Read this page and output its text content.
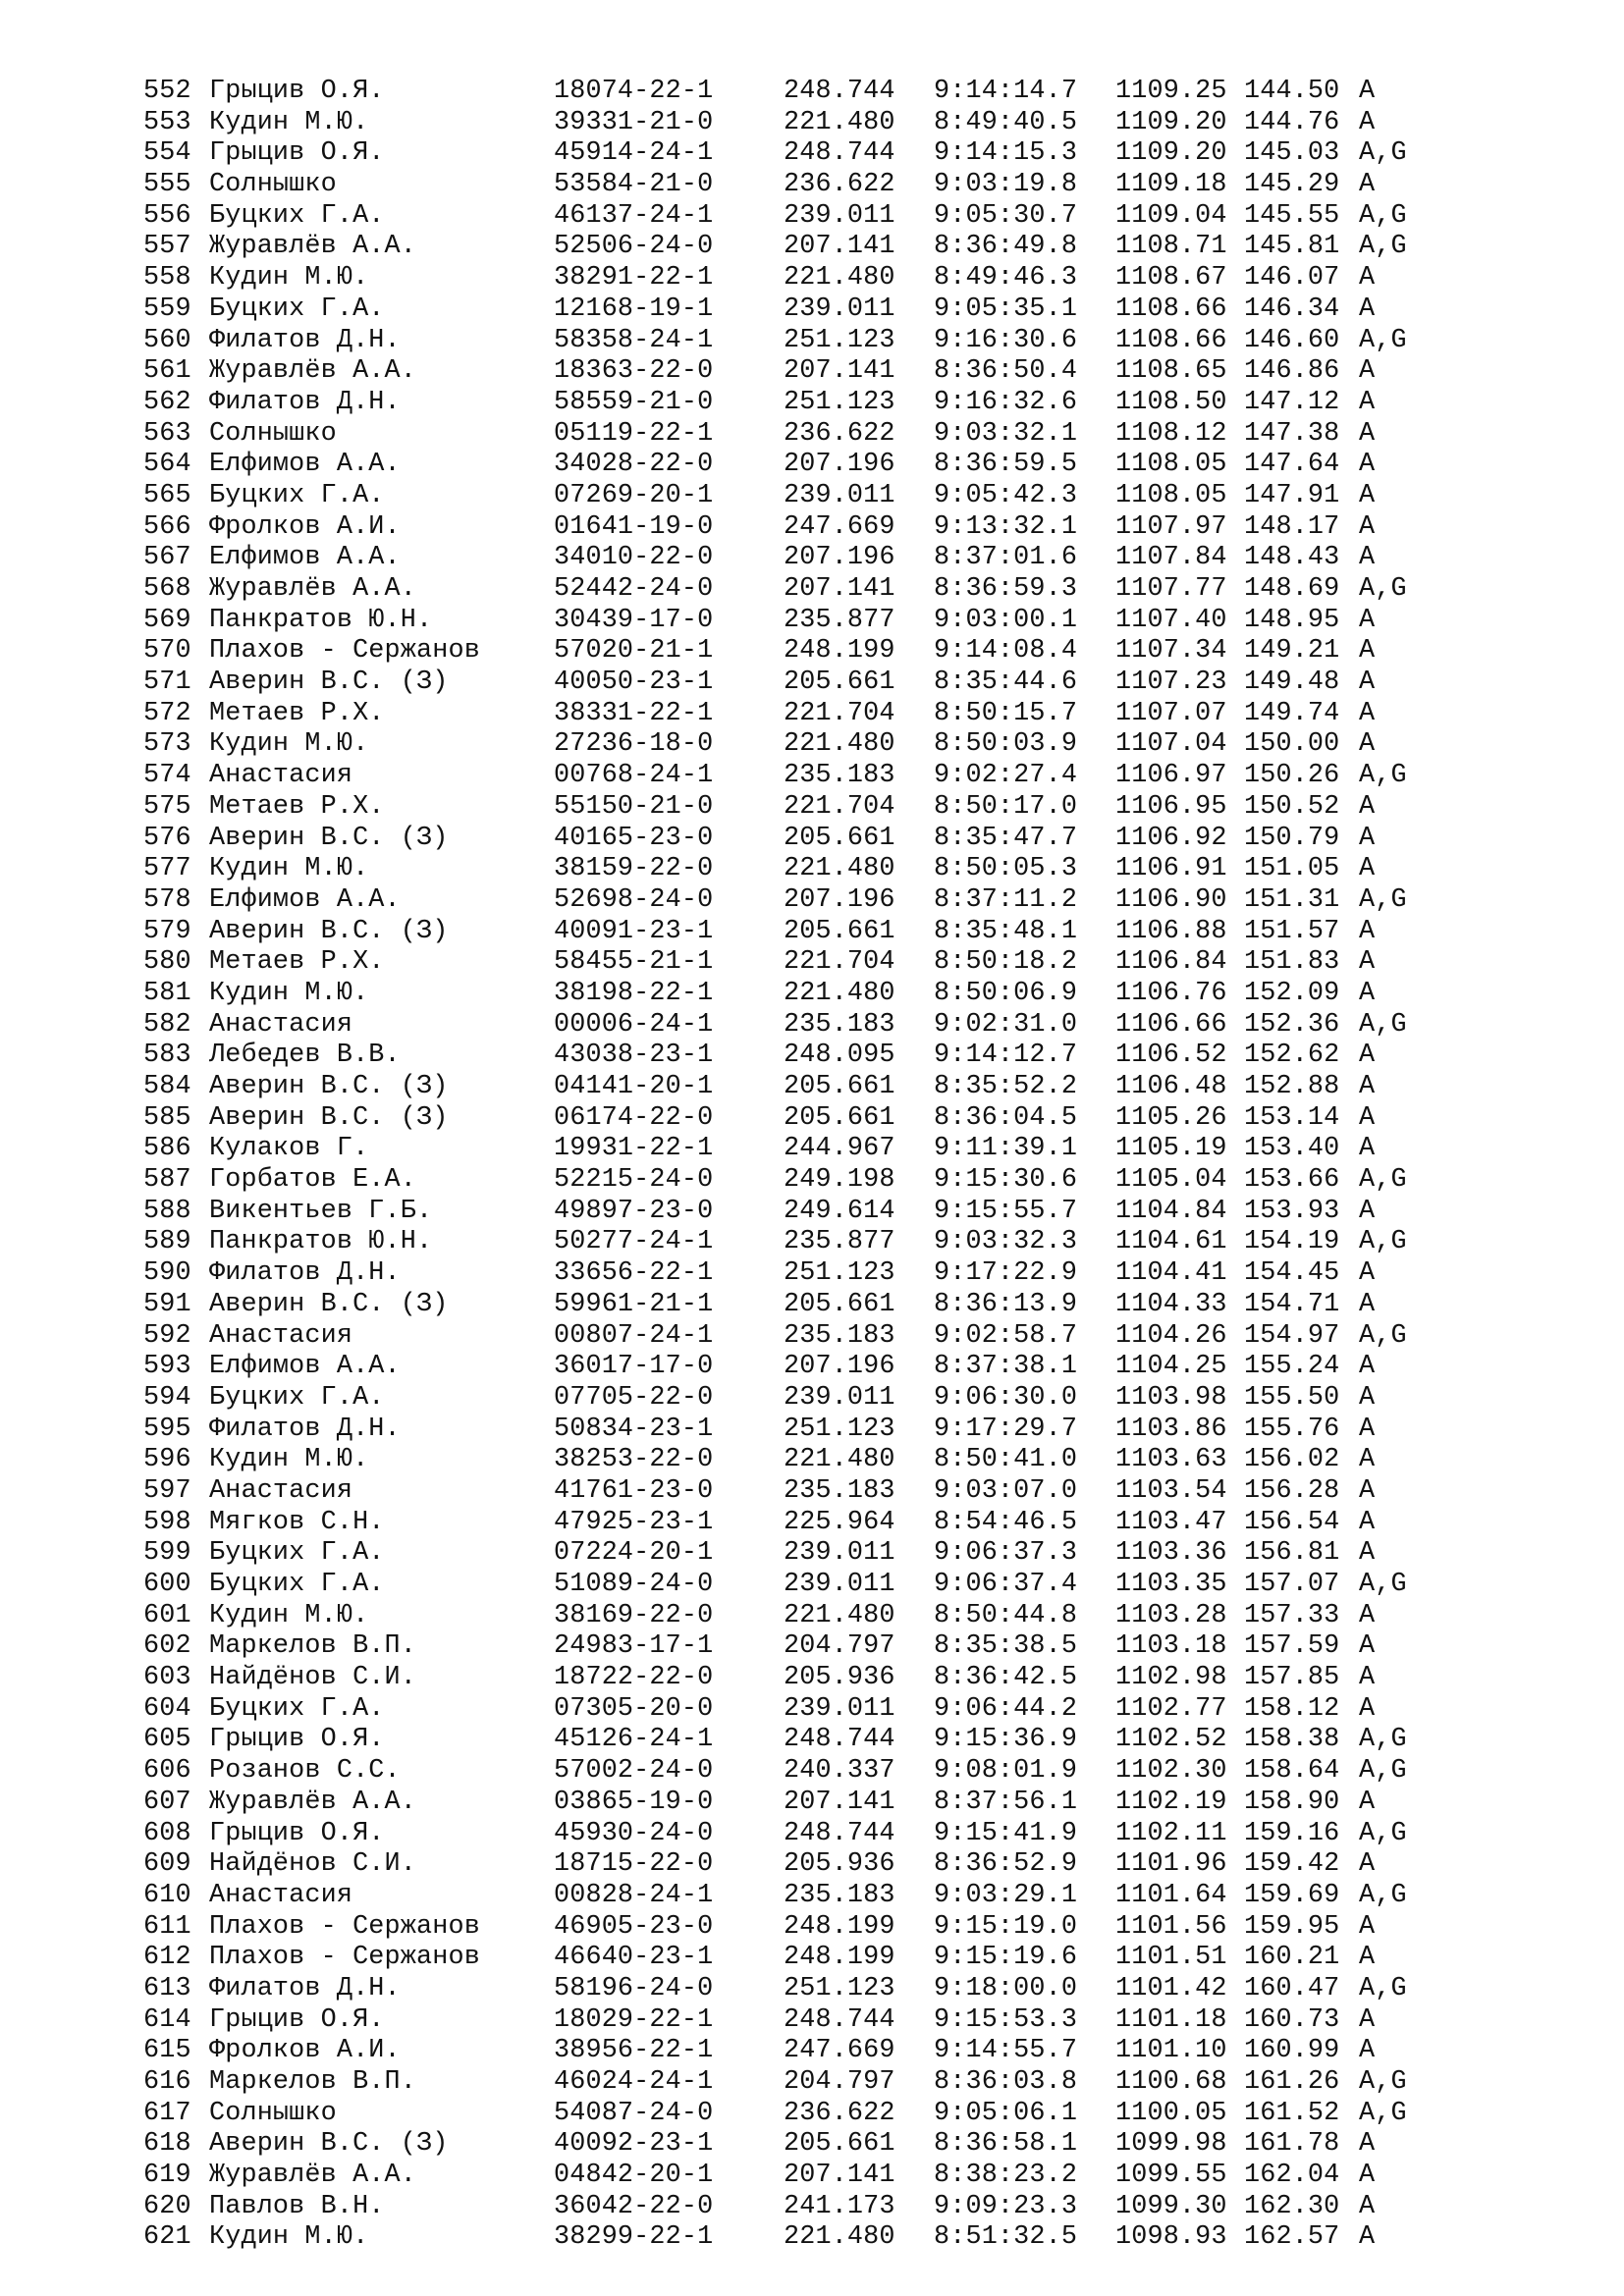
552 Грыцив О.Я.	18074-22-1	248.744 9:14:14.7 1109.25 144.50 A
553 Кудин М.Ю.	39331-21-0	221.480 8:49:40.5 1109.20 144.76 A
554 Грыцив О.Я.	45914-24-1	248.744 9:14:15.3 1109.20 145.03 A,G
555 Солнышко	53584-21-0	236.622 9:03:19.8 1109.18 145.29 A
556 Буцких Г.А.	46137-24-1	239.011 9:05:30.7 1109.04 145.55 A,G
557 Журавлёв А.А.	52506-24-0	207.141 8:36:49.8 1108.71 145.81 A,G
558 Кудин М.Ю.	38291-22-1	221.480 8:49:46.3 1108.67 146.07 A
559 Буцких Г.А.	12168-19-1	239.011 9:05:35.1 1108.66 146.34 A
560 Филатов Д.Н.	58358-24-1	251.123 9:16:30.6 1108.66 146.60 A,G
561 Журавлёв А.А.	18363-22-0	207.141 8:36:50.4 1108.65 146.86 A
562 Филатов Д.Н.	58559-21-0	251.123 9:16:32.6 1108.50 147.12 A
563 Солнышко	05119-22-1	236.622 9:03:32.1 1108.12 147.38 A
564 Елфимов А.А.	34028-22-0	207.196 8:36:59.5 1108.05 147.64 A
565 Буцких Г.А.	07269-20-1	239.011 9:05:42.3 1108.05 147.91 A
566 Фролков А.И.	01641-19-0	247.669 9:13:32.1 1107.97 148.17 A
567 Елфимов А.А.	34010-22-0	207.196 8:37:01.6 1107.84 148.43 A
568 Журавлёв А.А.	52442-24-0	207.141 8:36:59.3 1107.77 148.69 A,G
569 Панкратов Ю.Н.	30439-17-0	235.877 9:03:00.1 1107.40 148.95 A
570 Плахов - Сержанов	57020-21-1	248.199 9:14:08.4 1107.34 149.21 A
571 Аверин В.С. (З)	40050-23-1	205.661 8:35:44.6 1107.23 149.48 A
572 Метаев Р.Х.	38331-22-1	221.704 8:50:15.7 1107.07 149.74 A
573 Кудин М.Ю.	27236-18-0	221.480 8:50:03.9 1107.04 150.00 A
574 Анастасия	00768-24-1	235.183 9:02:27.4 1106.97 150.26 A,G
575 Метаев Р.Х.	55150-21-0	221.704 8:50:17.0 1106.95 150.52 A
576 Аверин В.С. (З)	40165-23-0	205.661 8:35:47.7 1106.92 150.79 A
577 Кудин М.Ю.	38159-22-0	221.480 8:50:05.3 1106.91 151.05 A
578 Елфимов А.А.	52698-24-0	207.196 8:37:11.2 1106.90 151.31 A,G
579 Аверин В.С. (З)	40091-23-1	205.661 8:35:48.1 1106.88 151.57 A
580 Метаев Р.Х.	58455-21-1	221.704 8:50:18.2 1106.84 151.83 A
581 Кудин М.Ю.	38198-22-1	221.480 8:50:06.9 1106.76 152.09 A
582 Анастасия	00006-24-1	235.183 9:02:31.0 1106.66 152.36 A,G
583 Лебедев В.В.	43038-23-1	248.095 9:14:12.7 1106.52 152.62 A
584 Аверин В.С. (З)	04141-20-1	205.661 8:35:52.2 1106.48 152.88 A
585 Аверин В.С. (З)	06174-22-0	205.661 8:36:04.5 1105.26 153.14 A
586 Кулаков Г.	19931-22-1	244.967 9:11:39.1 1105.19 153.40 A
587 Горбатов Е.А.	52215-24-0	249.198 9:15:30.6 1105.04 153.66 A,G
588 Викентьев Г.Б.	49897-23-0	249.614 9:15:55.7 1104.84 153.93 A
589 Панкратов Ю.Н.	50277-24-1	235.877 9:03:32.3 1104.61 154.19 A,G
590 Филатов Д.Н.	33656-22-1	251.123 9:17:22.9 1104.41 154.45 A
591 Аверин В.С. (З)	59961-21-1	205.661 8:36:13.9 1104.33 154.71 A
592 Анастасия	00807-24-1	235.183 9:02:58.7 1104.26 154.97 A,G
593 Елфимов А.А.	36017-17-0	207.196 8:37:38.1 1104.25 155.24 A
594 Буцких Г.А.	07705-22-0	239.011 9:06:30.0 1103.98 155.50 A
595 Филатов Д.Н.	50834-23-1	251.123 9:17:29.7 1103.86 155.76 A
596 Кудин М.Ю.	38253-22-0	221.480 8:50:41.0 1103.63 156.02 A
597 Анастасия	41761-23-0	235.183 9:03:07.0 1103.54 156.28 A
598 Мягков С.Н.	47925-23-1	225.964 8:54:46.5 1103.47 156.54 A
599 Буцких Г.А.	07224-20-1	239.011 9:06:37.3 1103.36 156.81 A
600 Буцких Г.А.	51089-24-0	239.011 9:06:37.4 1103.35 157.07 A,G
601 Кудин М.Ю.	38169-22-0	221.480 8:50:44.8 1103.28 157.33 A
602 Маркелов В.П.	24983-17-1	204.797 8:35:38.5 1103.18 157.59 A
603 Найдёнов С.И.	18722-22-0	205.936 8:36:42.5 1102.98 157.85 A
604 Буцких Г.А.	07305-20-0	239.011 9:06:44.2 1102.77 158.12 A
605 Грыцив О.Я.	45126-24-1	248.744 9:15:36.9 1102.52 158.38 A,G
606 Розанов С.С.	57002-24-0	240.337 9:08:01.9 1102.30 158.64 A,G
607 Журавлёв А.А.	03865-19-0	207.141 8:37:56.1 1102.19 158.90 A
608 Грыцив О.Я.	45930-24-0	248.744 9:15:41.9 1102.11 159.16 A,G
609 Найдёнов С.И.	18715-22-0	205.936 8:36:52.9 1101.96 159.42 A
610 Анастасия	00828-24-1	235.183 9:03:29.1 1101.64 159.69 A,G
611 Плахов - Сержанов	46905-23-0	248.199 9:15:19.0 1101.56 159.95 A
612 Плахов - Сержанов	46640-23-1	248.199 9:15:19.6 1101.51 160.21 A
613 Филатов Д.Н.	58196-24-0	251.123 9:18:00.0 1101.42 160.47 A,G
614 Грыцив О.Я.	18029-22-1	248.744 9:15:53.3 1101.18 160.73 A
615 Фролков А.И.	38956-22-1	247.669 9:14:55.7 1101.10 160.99 A
616 Маркелов В.П.	46024-24-1	204.797 8:36:03.8 1100.68 161.26 A,G
617 Солнышко	54087-24-0	236.622 9:05:06.1 1100.05 161.52 A,G
618 Аверин В.С. (З)	40092-23-1	205.661 8:36:58.1 1099.98 161.78 A
619 Журавлёв А.А.	04842-20-1	207.141 8:38:23.2 1099.55 162.04 A
620 Павлов В.Н.	36042-22-0	241.173 9:09:23.3 1099.30 162.30 A
621 Кудин М.Ю.	38299-22-1	221.480 8:51:32.5 1098.93 162.57 A
